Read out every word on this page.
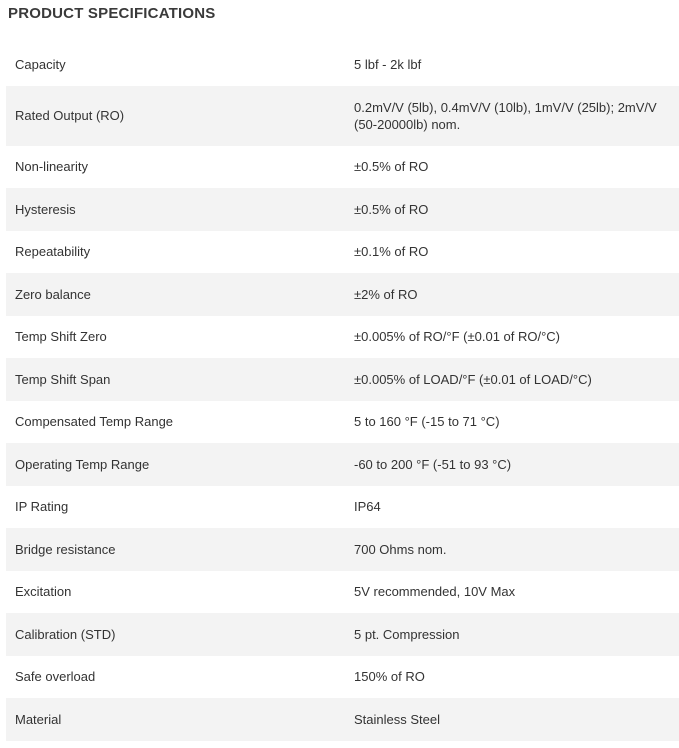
PRODUCT SPECIFICATIONS
Capacity	5 lbf - 2k lbf
Rated Output (RO)	0.2mV/V (5lb), 0.4mV/V (10lb), 1mV/V (25lb); 2mV/V (50-20000lb) nom.
Non-linearity	±0.5% of RO
Hysteresis	±0.5% of RO
Repeatability	±0.1% of RO
Zero balance	±2% of RO
Temp Shift Zero	±0.005% of RO/°F (±0.01 of RO/°C)
Temp Shift Span	±0.005% of LOAD/°F (±0.01 of LOAD/°C)
Compensated Temp Range	5 to 160 °F (-15 to 71 °C)
Operating Temp Range	-60 to 200 °F (-51 to 93 °C)
IP Rating	IP64
Bridge resistance	700 Ohms nom.
Excitation	5V recommended, 10V Max
Calibration (STD)	5 pt. Compression
Safe overload	150% of RO
Material	Stainless Steel
